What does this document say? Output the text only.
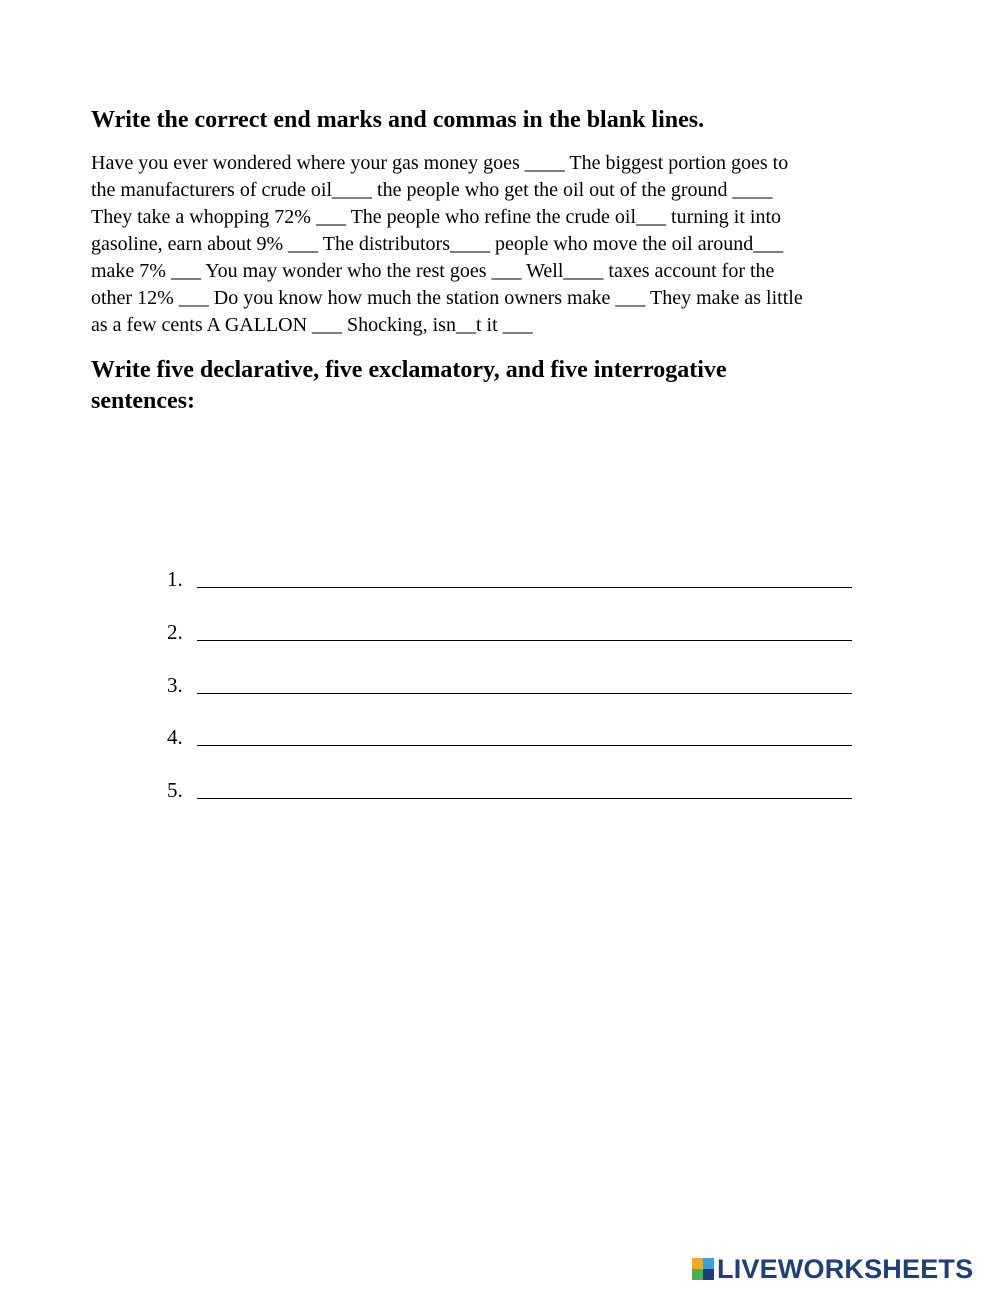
Write the correct end marks and commas in the blank lines.
Have you ever wondered where your gas money goes ____ The biggest portion goes to
the manufacturers of crude oil____ the people who get the oil out of the ground ____
They take a whopping 72% ___ The people who refine the crude oil___ turning it into
gasoline, earn about 9% ___ The distributors____ people who move the oil around___
make 7% ___ You may wonder who the rest goes ___ Well____ taxes account for the
other 12% ___ Do you know how much the station owners make ___ They make as little
as a few cents A GALLON ___ Shocking, isn__t it ___
Write five declarative, five exclamatory, and five interrogative sentences:
1.
2.
3.
4.
5.
LIVEWORKSHEETS
